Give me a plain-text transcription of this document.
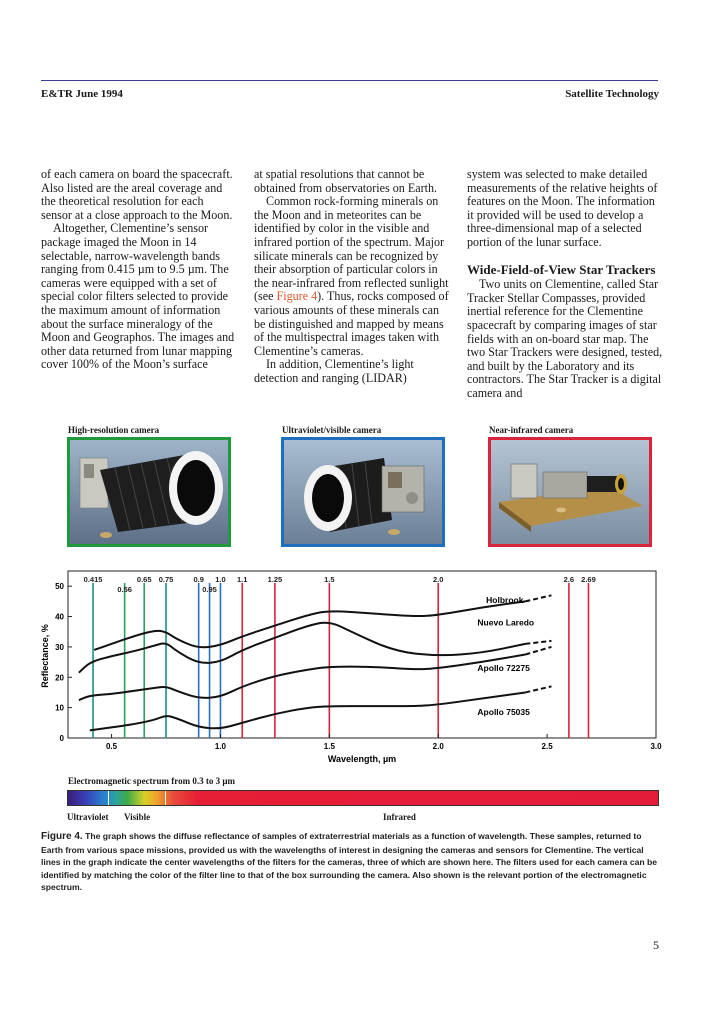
E&TR June 1994	Satellite Technology

of each camera on board the spacecraft. Also listed are the areal coverage and the theoretical resolution for each sensor at a close approach to the Moon.

Altogether, Clementine’s sensor package imaged the Moon in 14 selectable, narrow-wavelength bands ranging from 0.415 µm to 9.5 µm. The cameras were equipped with a set of special color filters selected to provide the maximum amount of information about the surface mineralogy of the Moon and Geographos. The images and other data returned from lunar mapping cover 100% of the Moon’s surface

at spatial resolutions that cannot be obtained from observatories on Earth.

Common rock-forming minerals on the Moon and in meteorites can be identified by color in the visible and infrared portion of the spectrum. Major silicate minerals can be recognized by their absorption of particular colors in the near-infrared from reflected sunlight (see Figure 4). Thus, rocks composed of various amounts of these minerals can be distinguished and mapped by means of the multispectral images taken with Clementine’s cameras.

In addition, Clementine’s light detection and ranging (LIDAR)

system was selected to make detailed measurements of the relative heights of features on the Moon. The information it provided will be used to develop a three-dimensional map of a selected portion of the lunar surface.

Wide-Field-of-View Star Trackers

Two units on Clementine, called Star Tracker Stellar Compasses, provided inertial reference for the Clementine spacecraft by comparing images of star fields with an on-board star map. The two Star Trackers were designed, tested, and built by the Laboratory and its contractors. The Star Tracker is a digital camera and

High-resolution camera	Ultraviolet/visible camera	Near-infrared camera
0.415
0.56
0.65 0.75	0.9
0.95
1.0 1.1	1.25	1.5	2.0	2.6 2.69
0
10
20
30
40
50
0.5	1.0	1.5	2.0	2.5	3.0
Holbrook
Nuevo Laredo
Apollo 72275
Apollo 75035
Wavelength, µm
Reflectance, %
Electromagnetic spectrum from 0.3 to 3 µm
Ultraviolet Visible	Infrared
Figure 4. The graph shows the diffuse reflectance of samples of extraterrestrial materials as a function of wavelength. These samples, returned to Earth from various space missions, provided us with the wavelengths of interest in designing the cameras and sensors for Clementine. The vertical lines in the graph indicate the center wavelengths of the filters for the cameras, three of which are shown here. The filters used for each camera can be identified by matching the color of the filter line to that of the box surrounding the camera. Also shown is the relevant portion of the electromagnetic spectrum.
5
